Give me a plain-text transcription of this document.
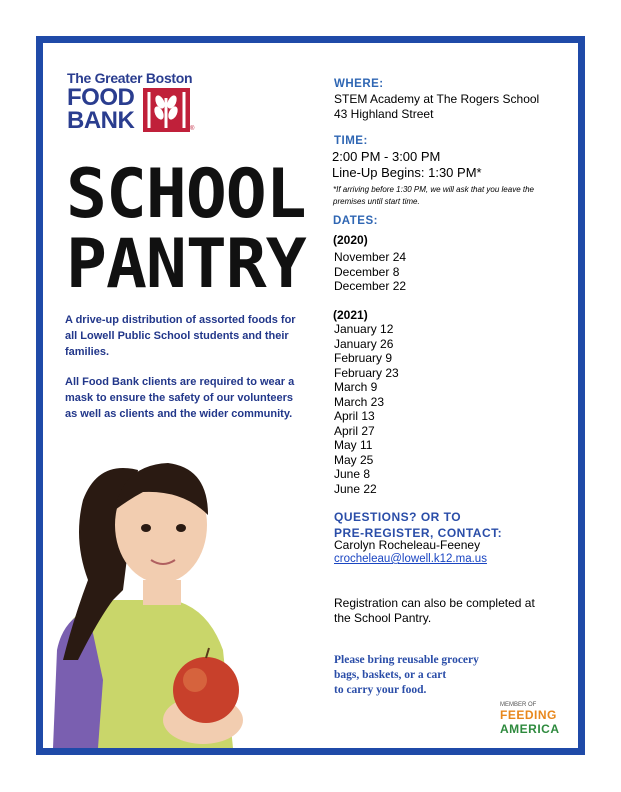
The Greater Boston
FOOD
BANK	®
SCHOOL
PANTRY
A drive-up distribution of assorted foods for all Lowell Public School students and their families.
All Food Bank clients are required to wear a mask to ensure the safety of our volunteers as well as clients and the wider community.
WHERE:
STEM Academy at The Rogers School
43 Highland Street
TIME:
2:00 PM - 3:00 PM
Line-Up Begins: 1:30 PM*
*If arriving before 1:30 PM, we will ask that you leave the premises until start time.
DATES:
(2020)
November 24
December 8
December 22
(2021)
January 12
January 26
February 9
February 23
March 9
March 23
April 13
April 27
May 11
May 25
June 8
June 22
QUESTIONS? OR TO
PRE-REGISTER, CONTACT:
Carolyn Rocheleau-Feeney
crocheleau@lowell.k12.ma.us
Registration can also be completed at the School Pantry.
Please bring reusable grocery
bags, baskets, or a cart
to carry your food.
MEMBER OF
FEEDING
AMERICA
